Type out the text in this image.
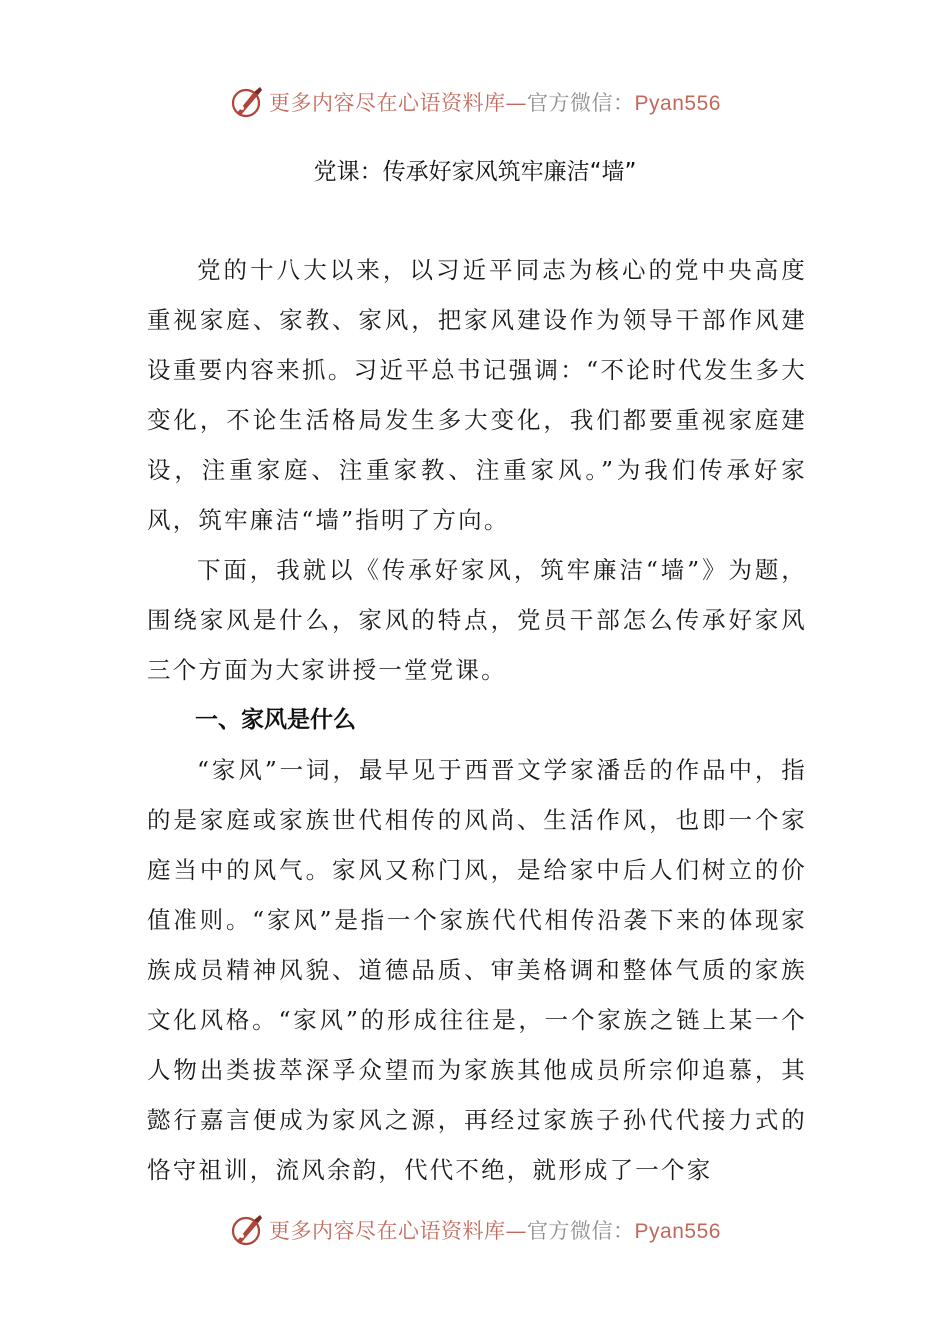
更多内容尽在心语资料库—官方微信：Pyan556
党课：传承好家风筑牢廉洁“墙”

党的十八大以来，以习近平同志为核心的党中央高度重视家庭、家教、家风，把家风建设作为领导干部作风建设重要内容来抓。习近平总书记强调：“不论时代发生多大变化，不论生活格局发生多大变化，我们都要重视家庭建设，注重家庭、注重家教、注重家风。”为我们传承好家风，筑牢廉洁“墙”指明了方向。

下面，我就以《传承好家风，筑牢廉洁“墙”》为题，围绕家风是什么，家风的特点，党员干部怎么传承好家风三个方面为大家讲授一堂党课。

一、家风是什么

“家风”一词，最早见于西晋文学家潘岳的作品中，指的是家庭或家族世代相传的风尚、生活作风，也即一个家庭当中的风气。家风又称门风，是给家中后人们树立的价值准则。“家风”是指一个家族代代相传沿袭下来的体现家族成员精神风貌、道德品质、审美格调和整体气质的家族文化风格。“家风”的形成往往是，一个家族之链上某一个人物出类拔萃深孚众望而为家族其他成员所宗仰追慕，其懿行嘉言便成为家风之源，再经过家族子孙代代接力式的恪守祖训，流风余韵，代代不绝，就形成了一个家

更多内容尽在心语资料库—官方微信：Pyan556
